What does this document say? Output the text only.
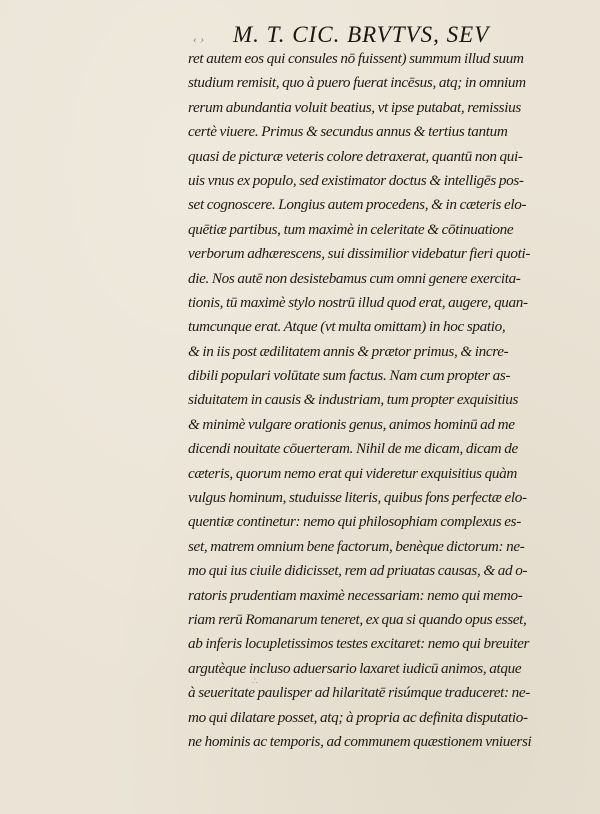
‹ › M. T. CIC. BRVTVS, SEV
ret autem eos qui consules nō fuissent) summum illud suum
studium remisit, quo à puero fuerat incēsus, atq; in omnium
rerum abundantia voluit beatius, vt ipse putabat, remissius
certè viuere. Primus & secundus annus & tertius tantum
quasi de picturæ veteris colore detraxerat, quantū non qui-
uis vnus ex populo, sed existimator doctus & intelligēs pos-
set cognoscere. Longius autem procedens, & in cæteris elo-
quētiæ partibus, tum maximè in celeritate & cōtinuatione
verborum adhærescens, sui dissimilior videbatur fieri quoti-
die. Nos autē non desistebamus cum omni genere exercita-
tionis, tū maximè stylo nostrū illud quod erat, augere, quan-
tumcunque erat. Atque (vt multa omittam) in hoc spatio,
& in iis post ædilitatem annis & prætor primus, & incre-
dibili populari volūtate sum factus. Nam cum propter as-
siduitatem in causis & industriam, tum propter exquisitius
& minimè vulgare orationis genus, animos hominū ad me
dicendi nouitate cōuerteram. Nihil de me dicam, dicam de
cæteris, quorum nemo erat qui videretur exquisitius quàm
vulgus hominum, studuisse literis, quibus fons perfectæ elo-
quentiæ continetur: nemo qui philosophiam complexus es-
set, matrem omnium bene factorum, benèque dictorum: ne-
mo qui ius ciuile didicisset, rem ad priuatas causas, & ad o-
ratoris prudentiam maximè necessariam: nemo qui memo-
riam rerū Romanarum teneret, ex qua si quando opus esset,
ab inferis locupletissimos testes excitaret: nemo qui breuiter
argutèque incluso aduersario laxaret iudicū animos, atque
à seueritate paulisper ad hilaritatē risúmque traduceret: ne-
mo qui dilatare posset, atq; à propria ac definita disputatio-
ne hominis ac temporis, ad communem quæstionem vniuersi
∴
